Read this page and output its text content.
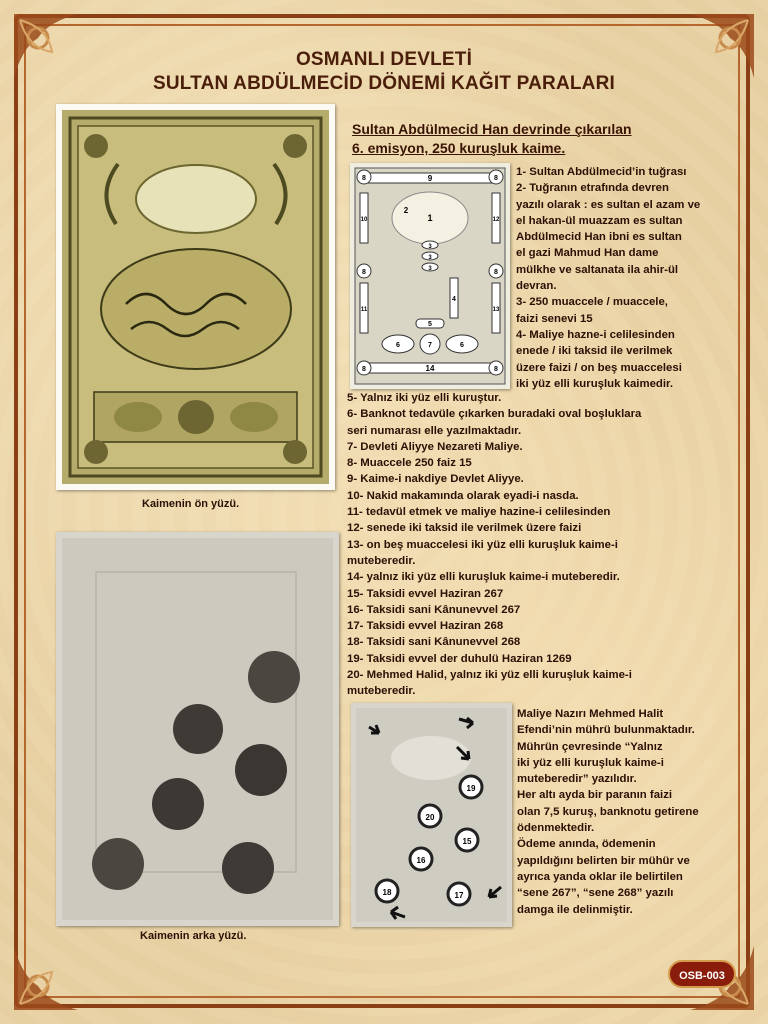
OSMANLI DEVLETİ
SULTAN ABDÜLMECİD DÖNEMİ KAĞIT PARALARI
Kaimenin ön yüzü.
Kaimenin arka yüzü.
9
14
10	12
11	13
8	8
8	8
8	8
1
2
3
3
3
4
5
6	7	6
19
20
15
16
18	17
Sultan Abdülmecid Han devrinde çıkarılan
6. emisyon, 250 kuruşluk kaime.
1- Sultan Abdülmecid’in tuğrası
2- Tuğranın etrafında devren
yazılı olarak : es sultan el azam ve
el hakan-ül muazzam es sultan
Abdülmecid Han ibni es sultan
el gazi Mahmud Han dame
mülkhe ve saltanata ila ahir-ül
devran.
3- 250 muaccele / muaccele,
faizi senevi 15
4- Maliye hazne-i celilesinden
enede / iki taksid ile verilmek
üzere faizi / on beş muaccelesi
iki yüz elli kuruşluk kaimedir.
5- Yalnız iki yüz elli kuruştur.
6- Banknot tedavüle çıkarken buradaki oval boşluklara
seri numarası elle yazılmaktadır.
7- Devleti Aliyye Nezareti Maliye.
8- Muaccele 250 faiz 15
9- Kaime-i nakdiye Devlet Aliyye.
10- Nakid makamında olarak eyadi-i nasda.
11- tedavül etmek ve maliye hazine-i celilesinden
12- senede iki taksid ile verilmek üzere faizi
13- on beş muaccelesi iki yüz elli kuruşluk kaime-i
muteberedir.
14- yalnız iki yüz elli kuruşluk kaime-i muteberedir.
15- Taksidi evvel Haziran 267
16- Taksidi sani Kânunevvel 267
17- Taksidi evvel Haziran 268
18- Taksidi sani Kânunevvel 268
19- Taksidi evvel der duhulü Haziran 1269
20- Mehmed Halid, yalnız iki yüz elli kuruşluk kaime-i
muteberedir.
Maliye Nazırı Mehmed Halit
Efendi’nin mührü bulunmaktadır.
Mührün çevresinde “Yalnız
iki yüz elli kuruşluk kaime-i
muteberedir” yazılıdır.
Her altı ayda bir paranın faizi
olan 7,5 kuruş, banknotu getirene
ödenmektedir.
Ödeme anında, ödemenin
yapıldığını belirten bir mühür ve
ayrıca yanda oklar ile belirtilen
“sene 267”, “sene 268” yazılı
damga ile delinmiştir.
OSB-003
